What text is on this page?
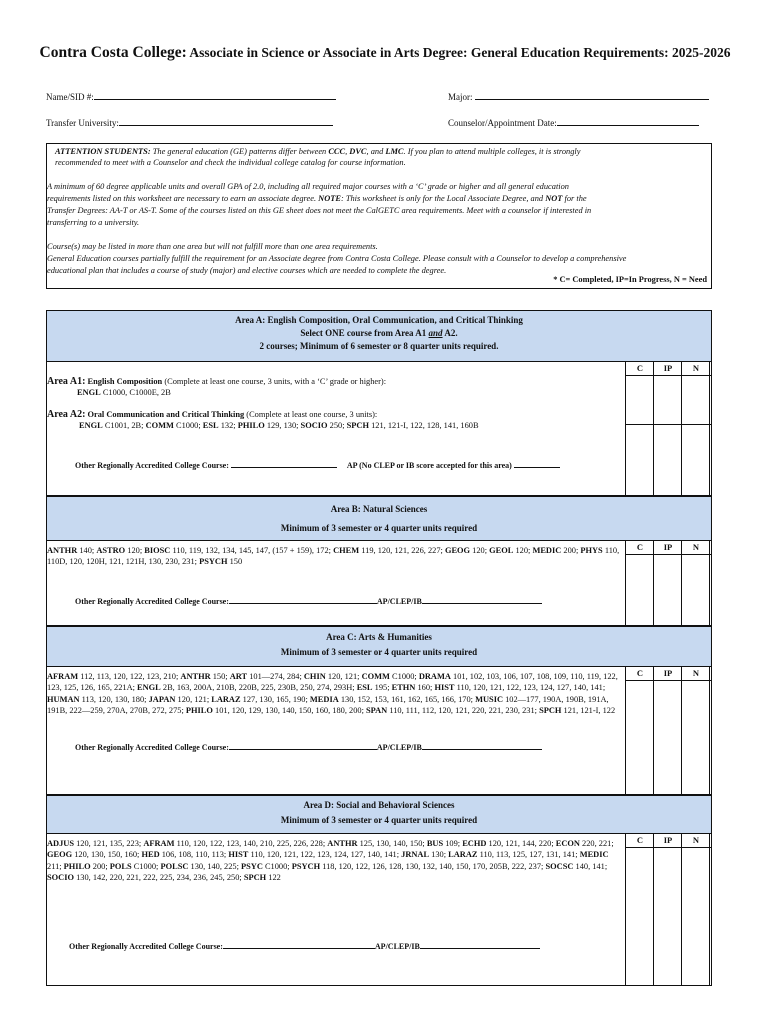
Contra Costa College: Associate in Science or Associate in Arts Degree: General Education Requirements: 2025-2026
Name/SID #:	Major:
Transfer University:	Counselor/Appointment Date:

ATTENTION STUDENTS: The general education (GE) patterns differ between CCC, DVC, and LMC. If you plan to attend multiple colleges, it is strongly

recommended to meet with a Counselor and check the individual college catalog for course information.

A minimum of 60 degree applicable units and overall GPA of 2.0, including all required major courses with a ‘C’ grade or higher and all general education

requirements listed on this worksheet are necessary to earn an associate degree. NOTE: This worksheet is only for the Local Associate Degree, and NOT for the

Transfer Degrees: AA-T or AS-T. Some of the courses listed on this GE sheet does not meet the CalGETC area requirements. Meet with a counselor if interested in

transferring to a university.

Course(s) may be listed in more than one area but will not fulfill more than one area requirements.

General Education courses partially fulfill the requirement for an Associate degree from Contra Costa College. Please consult with a Counselor to develop a comprehensive

educational plan that includes a course of study (major) and elective courses which are needed to complete the degree.

* C= Completed, IP=In Progress, N = Need

Area A: English Composition, Oral Communication, and Critical Thinking
Select ONE course from Area A1 and A2.
2 courses; Minimum of 6 semester or 8 quarter units required.
C	IP	N
Area A1: English Composition (Complete at least one course, 3 units, with a ‘C’ grade or higher):
ENGL C1000, C1000E, 2B
Area A2: Oral Communication and Critical Thinking (Complete at least one course, 3 units):
ENGL C1001, 2B; COMM C1000; ESL 132; PHILO 129, 130; SOCIO 250; SPCH 121, 121-I, 122, 128, 141, 160B
Other Regionally Accredited College Course:	AP (No CLEP or IB score accepted for this area)
Area B: Natural Sciences
Minimum of 3 semester or 4 quarter units required
C	IP	N
ANTHR 140; ASTRO 120; BIOSC 110, 119, 132, 134, 145, 147, (157 + 159), 172; CHEM 119, 120, 121, 226, 227; GEOG 120; GEOL 120; MEDIC 200; PHYS 110, 110D, 120, 120H, 121, 121H, 130, 230, 231; PSYCH 150
Other Regionally Accredited College Course:	AP/CLEP/IB
Area C: Arts & Humanities
Minimum of 3 semester or 4 quarter units required
C	IP	N
AFRAM 112, 113, 120, 122, 123, 210; ANTHR 150; ART 101—274, 284; CHIN 120, 121; COMM C1000; DRAMA 101, 102, 103, 106, 107, 108, 109, 110, 119, 122, 123, 125, 126, 165, 221A; ENGL 2B, 163, 200A, 210B, 220B, 225, 230B, 250, 274, 293H; ESL 195; ETHN 160; HIST 110, 120, 121, 122, 123, 124, 127, 140, 141; HUMAN 113, 120, 130, 180; JAPAN 120, 121; LARAZ 127, 130, 165, 190; MEDIA 130, 152, 153, 161, 162, 165, 166, 170; MUSIC 102—177, 190A, 190B, 191A, 191B, 222—259, 270A, 270B, 272, 275; PHILO 101, 120, 129, 130, 140, 150, 160, 180, 200; SPAN 110, 111, 112, 120, 121, 220, 221, 230, 231; SPCH 121, 121-I, 122
Other Regionally Accredited College Course:	AP/CLEP/IB
Area D: Social and Behavioral Sciences
Minimum of 3 semester or 4 quarter units required
C	IP	N
ADJUS 120, 121, 135, 223; AFRAM 110, 120, 122, 123, 140, 210, 225, 226, 228; ANTHR 125, 130, 140, 150; BUS 109; ECHD 120, 121, 144, 220; ECON 220, 221; GEOG 120, 130, 150, 160; HED 106, 108, 110, 113; HIST 110, 120, 121, 122, 123, 124, 127, 140, 141; JRNAL 130; LARAZ 110, 113, 125, 127, 131, 141; MEDIC 211; PHILO 200; POLS C1000; POLSC 130, 140, 225; PSYC C1000; PSYCH 118, 120, 122, 126, 128, 130, 132, 140, 150, 170, 205B, 222, 237; SOCSC 140, 141; SOCIO 130, 142, 220, 221, 222, 225, 234, 236, 245, 250; SPCH 122
Other Regionally Accredited College Course:	AP/CLEP/IB
